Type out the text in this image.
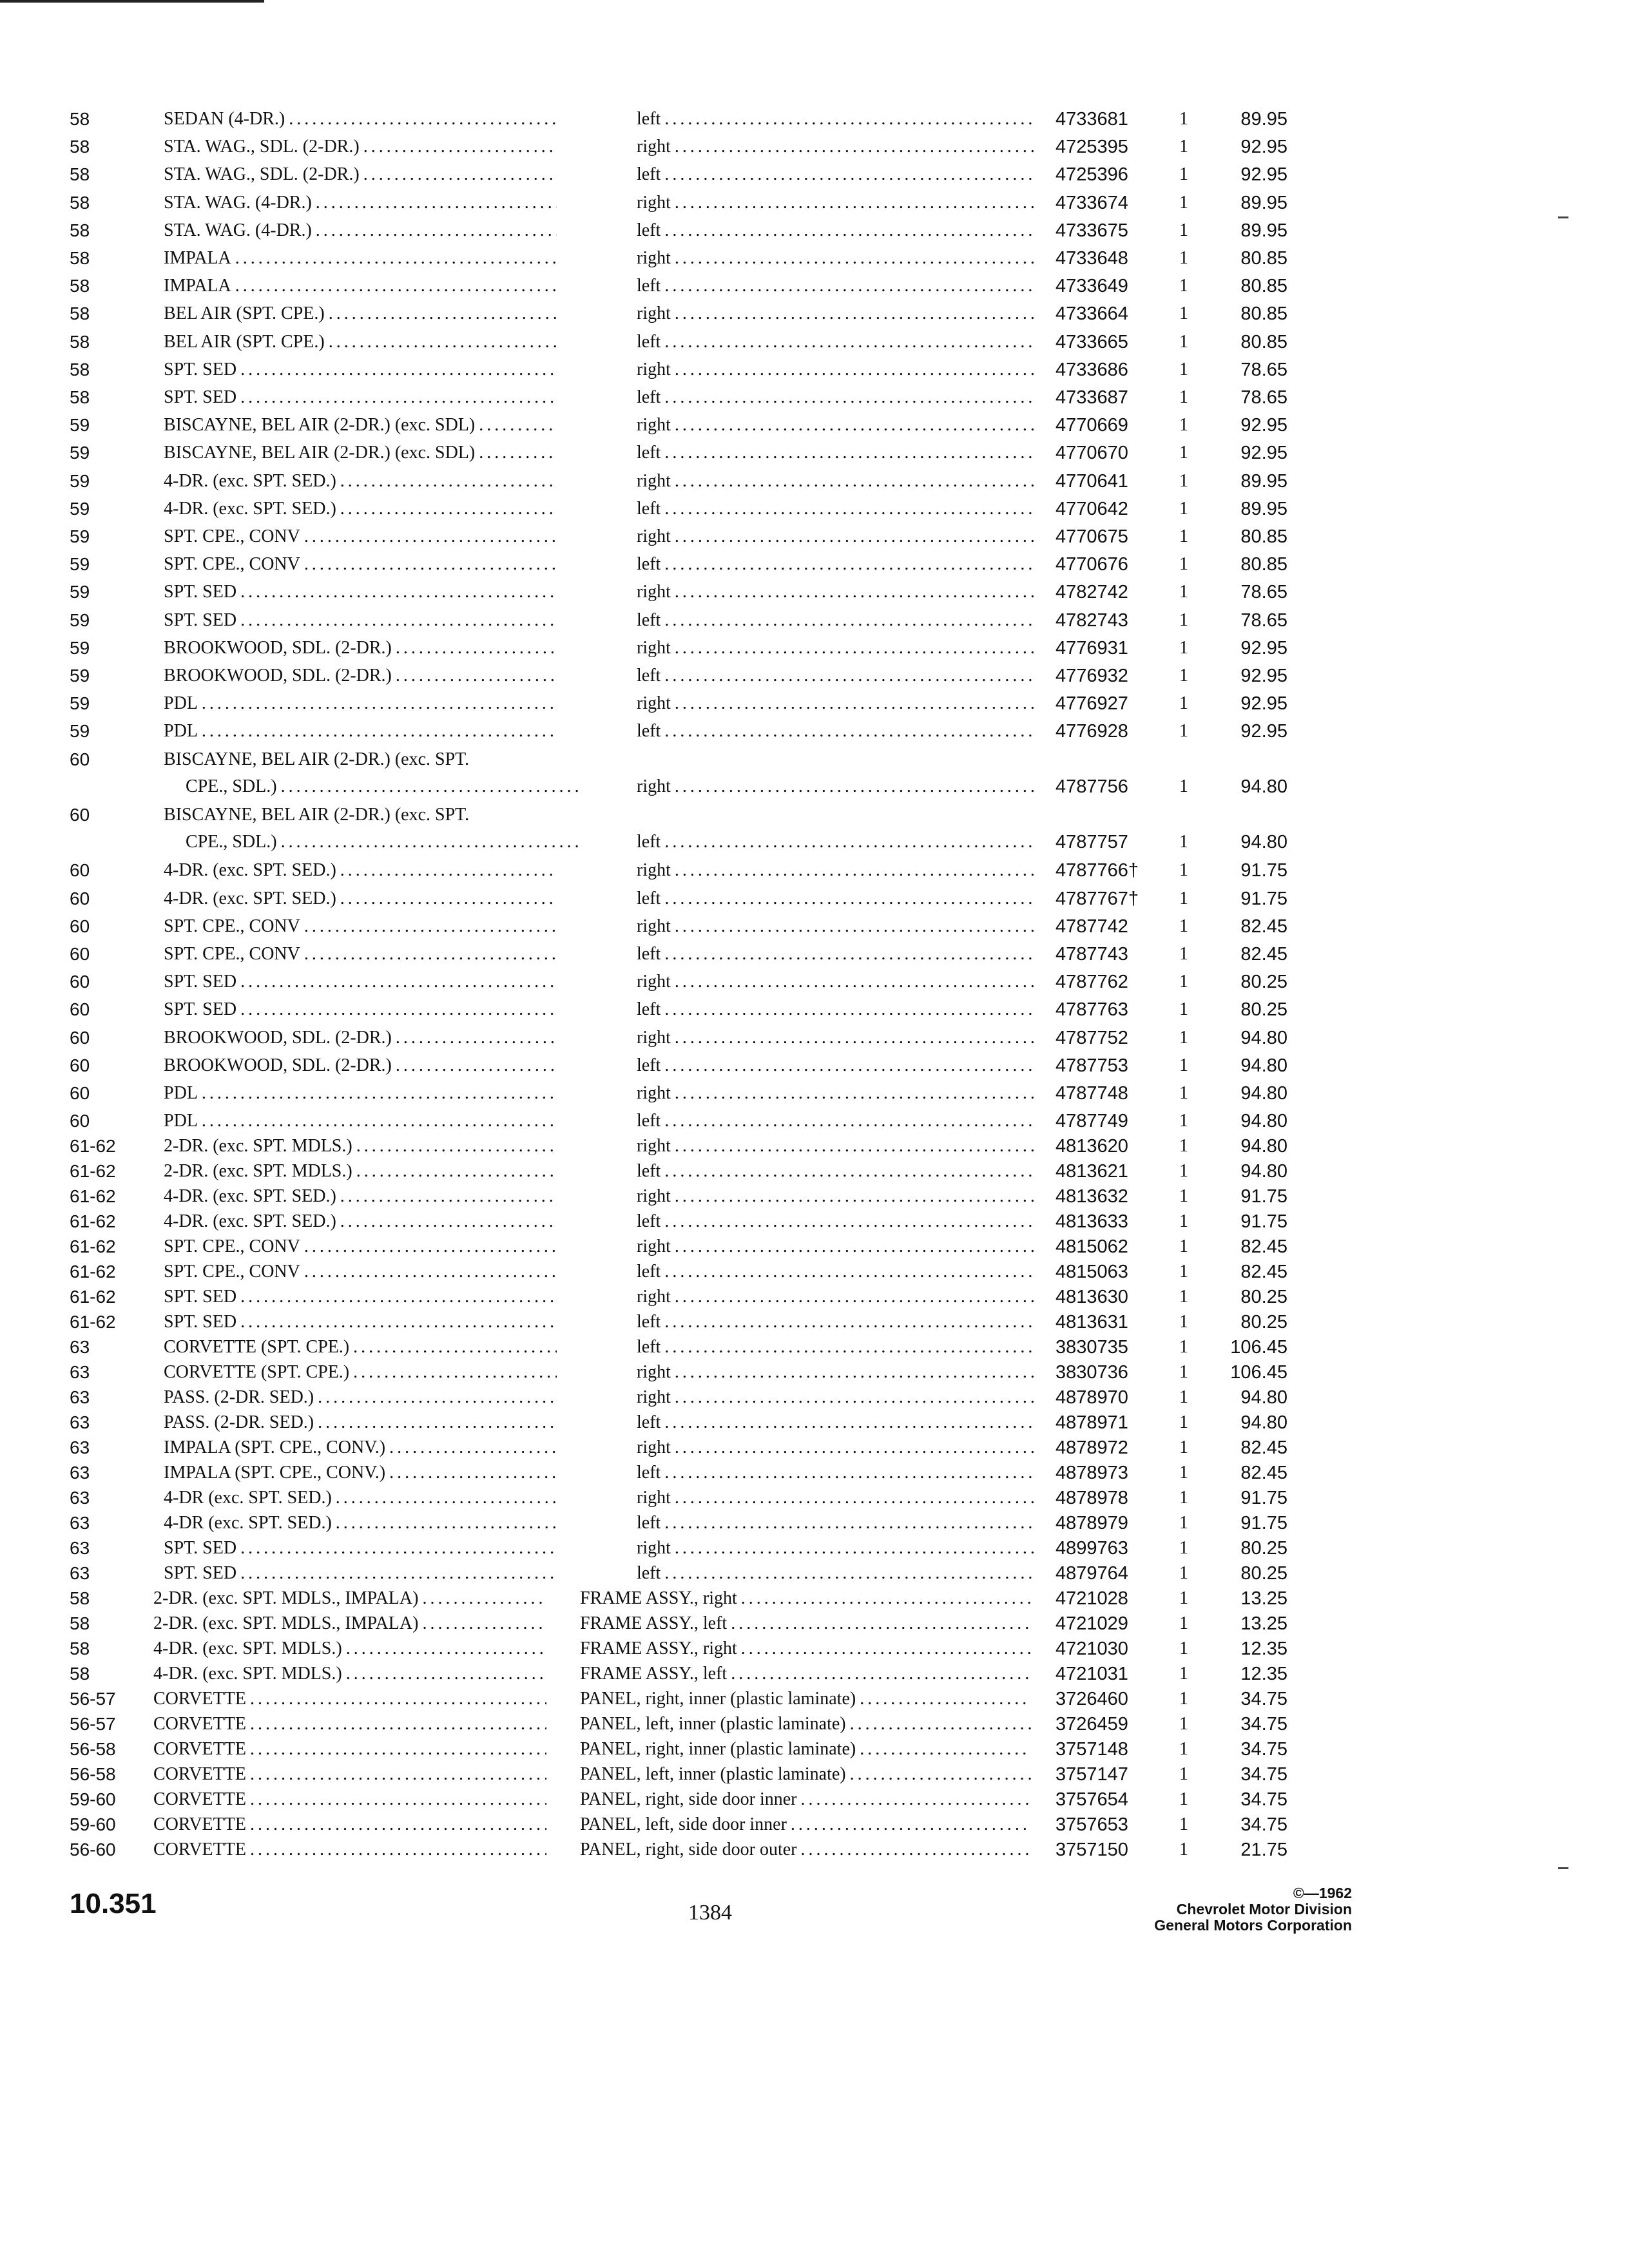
58	SEDAN (4-DR.) . . .	left . . .	4733681	1	89.95
58	STA. WAG., SDL. (2-DR.) . . .	right . . .	4725395	1	92.95
58	STA. WAG., SDL. (2-DR.) . . .	left . . .	4725396	1	92.95
58	STA. WAG. (4-DR.) . . .	right . . .	4733674	1	89.95
58	STA. WAG. (4-DR.) . . .	left . . .	4733675	1	89.95
58	IMPALA . . .	right . . .	4733648	1	80.85
58	IMPALA . . .	left . . .	4733649	1	80.85
58	BEL AIR (SPT. CPE.) . . .	right . . .	4733664	1	80.85
58	BEL AIR (SPT. CPE.) . . .	left . . .	4733665	1	80.85
58	SPT. SED . . .	right . . .	4733686	1	78.65
58	SPT. SED . . .	left . . .	4733687	1	78.65
59	BISCAYNE, BEL AIR (2-DR.) (exc. SDL) . . .	right . . .	4770669	1	92.95
59	BISCAYNE, BEL AIR (2-DR.) (exc. SDL) . . .	left . . .	4770670	1	92.95
59	4-DR. (exc. SPT. SED.) . . .	right . . .	4770641	1	89.95
59	4-DR. (exc. SPT. SED.) . . .	left . . .	4770642	1	89.95
59	SPT. CPE., CONV . . .	right . . .	4770675	1	80.85
59	SPT. CPE., CONV . . .	left . . .	4770676	1	80.85
59	SPT. SED . . .	right . . .	4782742	1	78.65
59	SPT. SED . . .	left . . .	4782743	1	78.65
59	BROOKWOOD, SDL. (2-DR.) . . .	right . . .	4776931	1	92.95
59	BROOKWOOD, SDL. (2-DR.) . . .	left . . .	4776932	1	92.95
59	PDL . . .	right . . .	4776927	1	92.95
59	PDL . . .	left . . .	4776928	1	92.95
60	BISCAYNE, BEL AIR (2-DR.) (exc. SPT.
CPE., SDL.) . . .	right . . .	4787756	1	94.80
60	BISCAYNE, BEL AIR (2-DR.) (exc. SPT.
CPE., SDL.) . . .	left . . .	4787757	1	94.80
60	4-DR. (exc. SPT. SED.) . . .	right . . .	4787766†	1	91.75
60	4-DR. (exc. SPT. SED.) . . .	left . . .	4787767†	1	91.75
60	SPT. CPE., CONV . . .	right . . .	4787742	1	82.45
60	SPT. CPE., CONV . . .	left . . .	4787743	1	82.45
60	SPT. SED . . .	right . . .	4787762	1	80.25
60	SPT. SED . . .	left . . .	4787763	1	80.25
60	BROOKWOOD, SDL. (2-DR.) . . .	right . . .	4787752	1	94.80
60	BROOKWOOD, SDL. (2-DR.) . . .	left . . .	4787753	1	94.80
60	PDL . . .	right . . .	4787748	1	94.80
60	PDL . . .	left . . .	4787749	1	94.80
61-62	2-DR. (exc. SPT. MDLS.) . . .	right . . .	4813620	1	94.80
61-62	2-DR. (exc. SPT. MDLS.) . . .	left . . .	4813621	1	94.80
61-62	4-DR. (exc. SPT. SED.) . . .	right . . .	4813632	1	91.75
61-62	4-DR. (exc. SPT. SED.) . . .	left . . .	4813633	1	91.75
61-62	SPT. CPE., CONV . . .	right . . .	4815062	1	82.45
61-62	SPT. CPE., CONV . . .	left . . .	4815063	1	82.45
61-62	SPT. SED . . .	right . . .	4813630	1	80.25
61-62	SPT. SED . . .	left . . .	4813631	1	80.25
63	CORVETTE (SPT. CPE.) . . .	left . . .	3830735	1	106.45
63	CORVETTE (SPT. CPE.) . . .	right . . .	3830736	1	106.45
63	PASS. (2-DR. SED.) . . .	right . . .	4878970	1	94.80
63	PASS. (2-DR. SED.) . . .	left . . .	4878971	1	94.80
63	IMPALA (SPT. CPE., CONV.) . . .	right . . .	4878972	1	82.45
63	IMPALA (SPT. CPE., CONV.) . . .	left . . .	4878973	1	82.45
63	4-DR (exc. SPT. SED.) . . .	right . . .	4878978	1	91.75
63	4-DR (exc. SPT. SED.) . . .	left . . .	4878979	1	91.75
63	SPT. SED . . .	right . . .	4899763	1	80.25
63	SPT. SED . . .	left . . .	4879764	1	80.25
58	2-DR. (exc. SPT. MDLS., IMPALA) . . .	FRAME ASSY., right . . .	4721028	1	13.25
58	2-DR. (exc. SPT. MDLS., IMPALA) . . .	FRAME ASSY., left . . .	4721029	1	13.25
58	4-DR. (exc. SPT. MDLS.) . . .	FRAME ASSY., right . . .	4721030	1	12.35
58	4-DR. (exc. SPT. MDLS.) . . .	FRAME ASSY., left . . .	4721031	1	12.35
56-57	CORVETTE . . .	PANEL, right, inner (plastic laminate) . . .	3726460	1	34.75
56-57	CORVETTE . . .	PANEL, left, inner (plastic laminate) . . .	3726459	1	34.75
56-58	CORVETTE . . .	PANEL, right, inner (plastic laminate) . . .	3757148	1	34.75
56-58	CORVETTE . . .	PANEL, left, inner (plastic laminate) . . .	3757147	1	34.75
59-60	CORVETTE . . .	PANEL, right, side door inner . . .	3757654	1	34.75
59-60	CORVETTE . . .	PANEL, left, side door inner . . .	3757653	1	34.75
56-60	CORVETTE . . .	PANEL, right, side door outer . . .	3757150	1	21.75
10.351	1384
©—1962
Chevrolet Motor Division
General Motors Corporation
